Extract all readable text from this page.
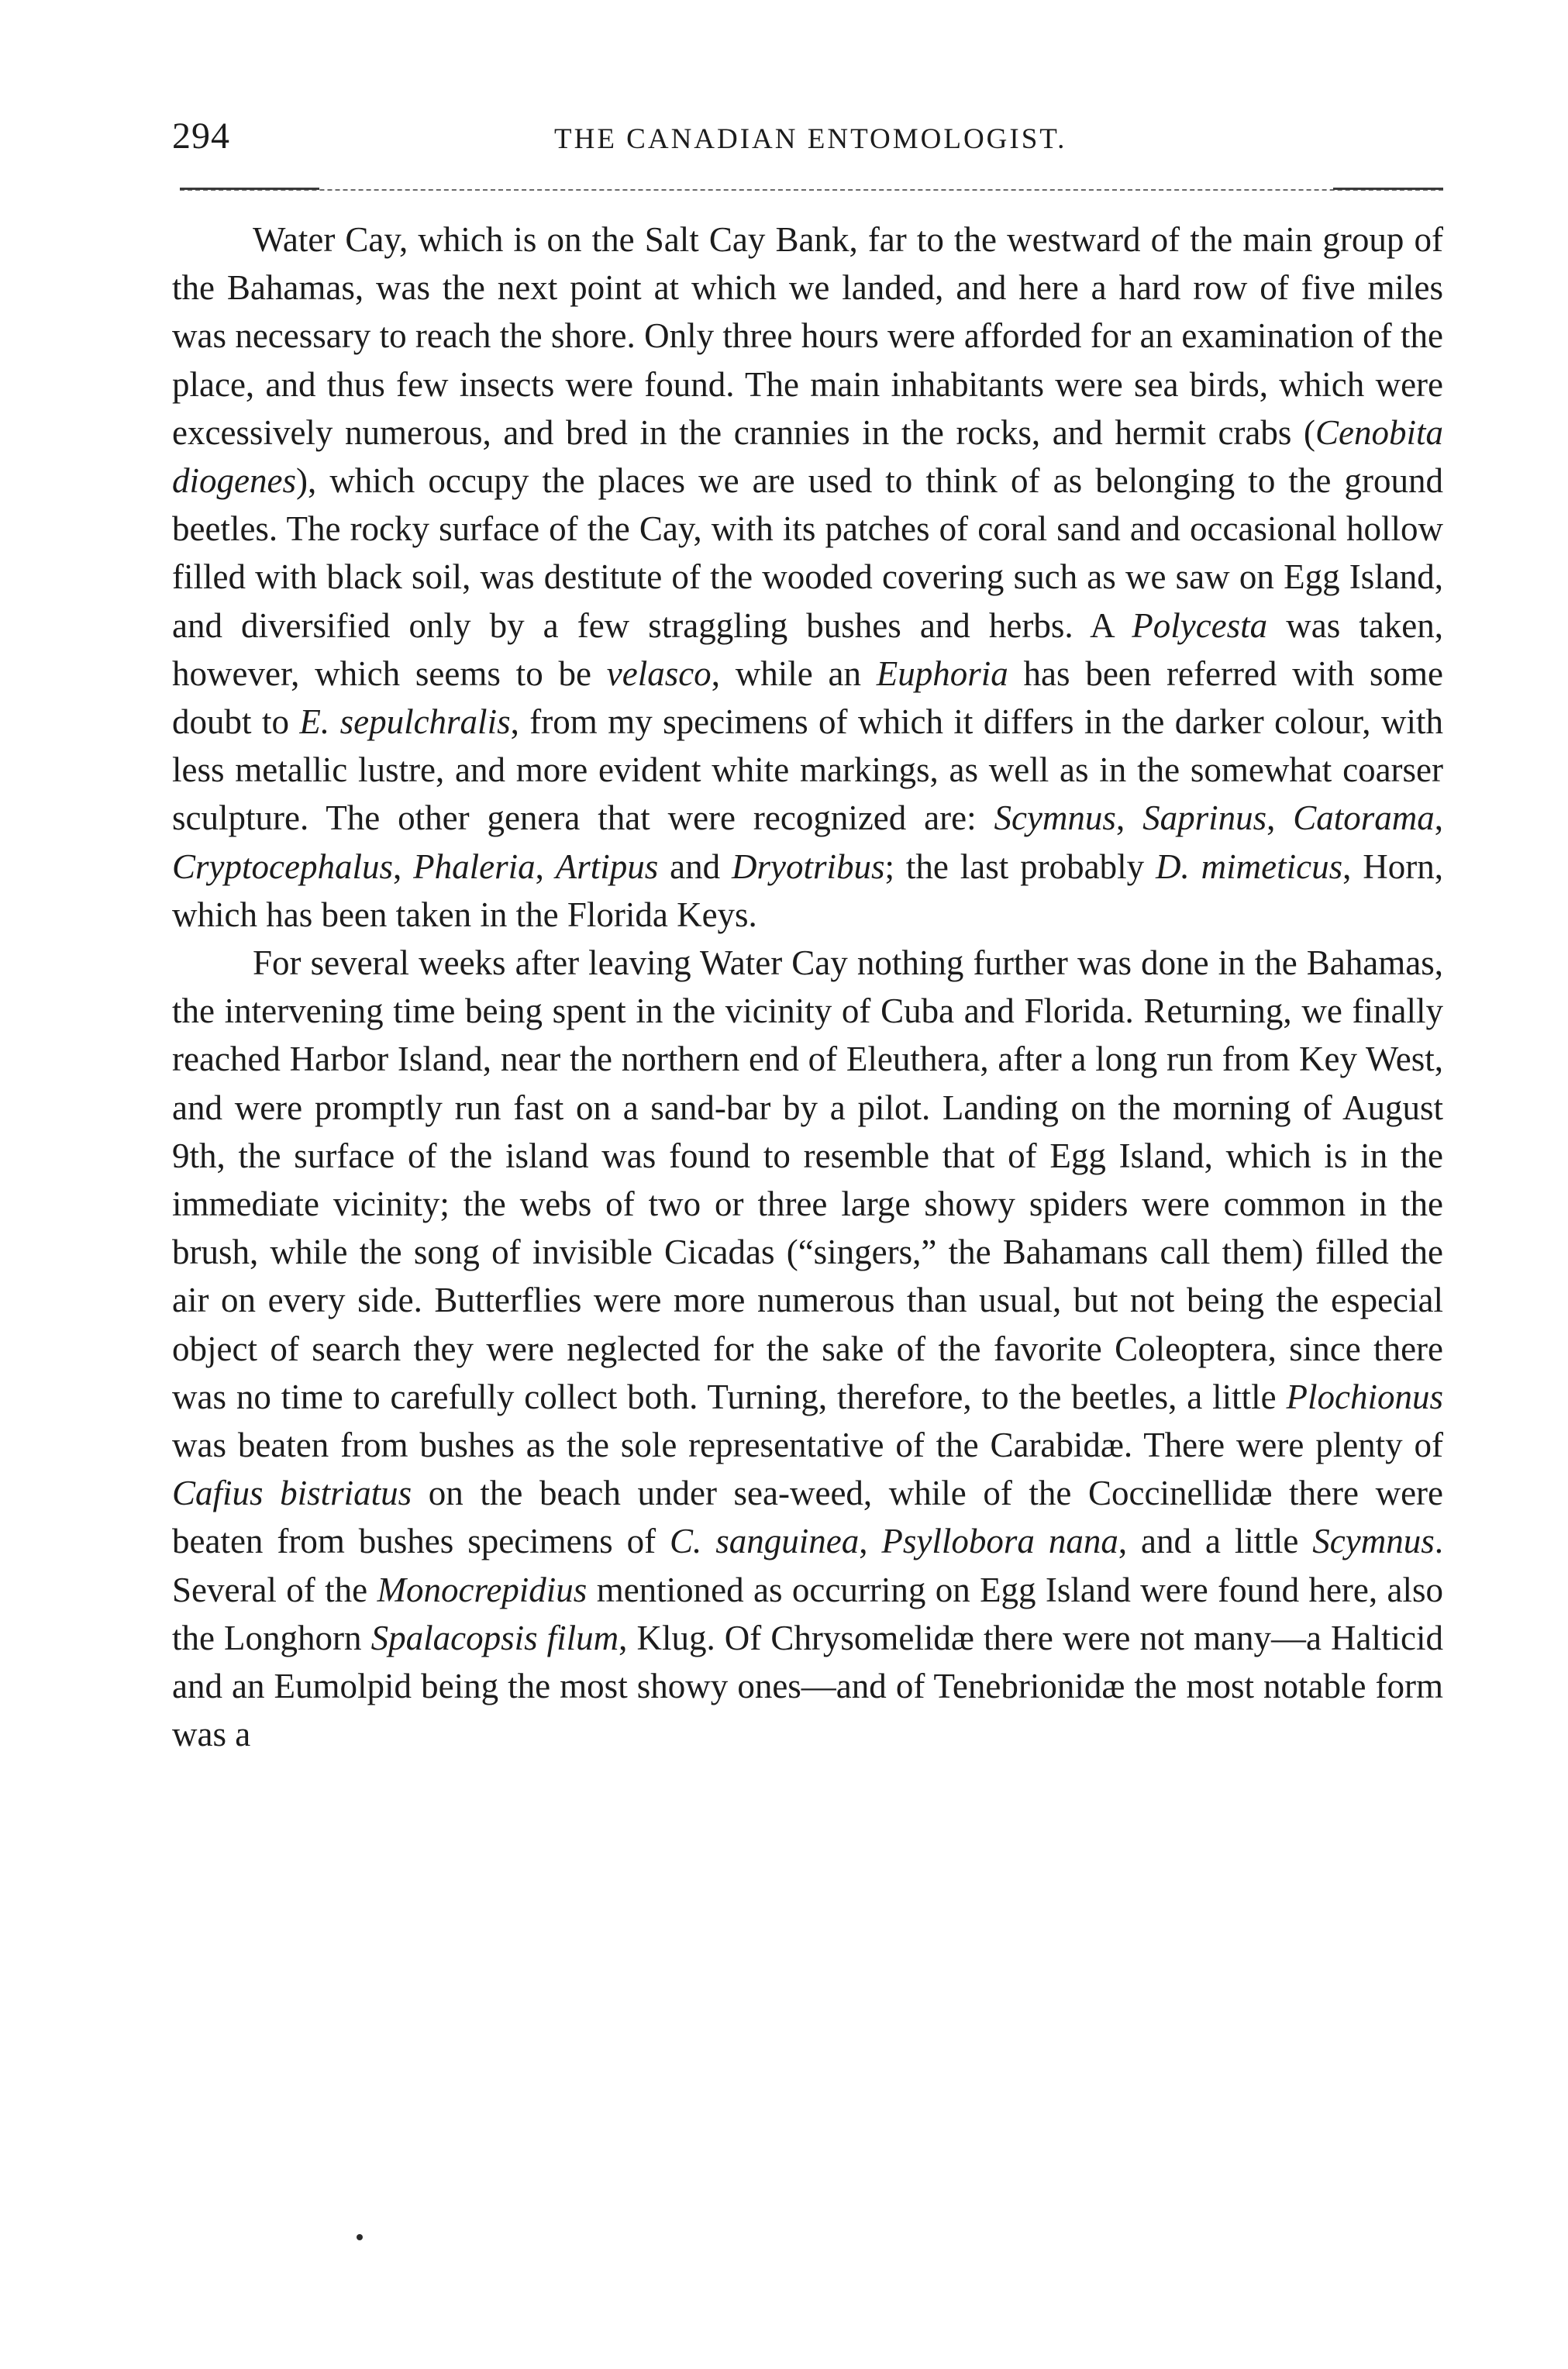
294	THE CANADIAN ENTOMOLOGIST.

Water Cay, which is on the Salt Cay Bank, far to the westward of the main group of the Bahamas, was the next point at which we landed, and here a hard row of five miles was necessary to reach the shore. Only three hours were afforded for an examination of the place, and thus few insects were found. The main inhabitants were sea birds, which were excessively numerous, and bred in the crannies in the rocks, and hermit crabs (Cenobita diogenes), which occupy the places we are used to think of as belonging to the ground beetles. The rocky surface of the Cay, with its patches of coral sand and occasional hollow filled with black soil, was destitute of the wooded covering such as we saw on Egg Island, and diversified only by a few straggling bushes and herbs. A Polycesta was taken, however, which seems to be velasco, while an Euphoria has been referred with some doubt to E. sepulchralis, from my specimens of which it differs in the darker colour, with less metallic lustre, and more evident white markings, as well as in the somewhat coarser sculpture. The other genera that were recognized are: Scymnus, Saprinus, Catorama, Cryptocephalus, Phaleria, Artipus and Dryotribus; the last probably D. mimeticus, Horn, which has been taken in the Florida Keys.

For several weeks after leaving Water Cay nothing further was done in the Bahamas, the intervening time being spent in the vicinity of Cuba and Florida. Returning, we finally reached Harbor Island, near the northern end of Eleuthera, after a long run from Key West, and were promptly run fast on a sand-bar by a pilot. Landing on the morning of August 9th, the surface of the island was found to resemble that of Egg Island, which is in the immediate vicinity; the webs of two or three large showy spiders were common in the brush, while the song of invisible Cicadas (“singers,” the Bahamans call them) filled the air on every side. Butterflies were more numerous than usual, but not being the especial object of search they were neglected for the sake of the favorite Coleoptera, since there was no time to carefully collect both. Turning, therefore, to the beetles, a little Plochionus was beaten from bushes as the sole representative of the Carabidæ. There were plenty of Cafius bistriatus on the beach under sea-weed, while of the Coccinellidæ there were beaten from bushes specimens of C. sanguinea, Psyllobora nana, and a little Scymnus. Several of the Monocrepidius mentioned as occurring on Egg Island were found here, also the Longhorn Spalacopsis filum, Klug. Of Chrysomelidæ there were not many—a Halticid and an Eumolpid being the most showy ones—and of Tenebrionidæ the most notable form was a
